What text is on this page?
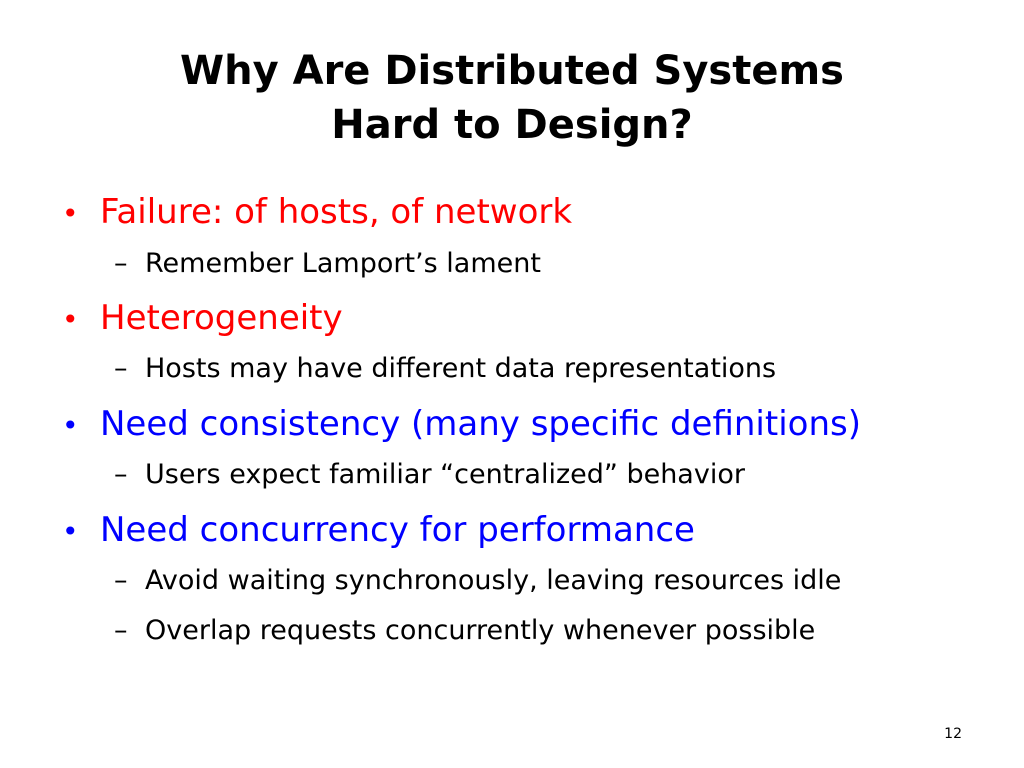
Why Are Distributed Systems
Hard to Design?
• Failure: of hosts, of network
– Remember Lamport’s lament
• Heterogeneity
– Hosts may have different data representations
• Need consistency (many specific definitions)
– Users expect familiar “centralized” behavior
• Need concurrency for performance
– Avoid waiting synchronously, leaving resources idle
– Overlap requests concurrently whenever possible
12
